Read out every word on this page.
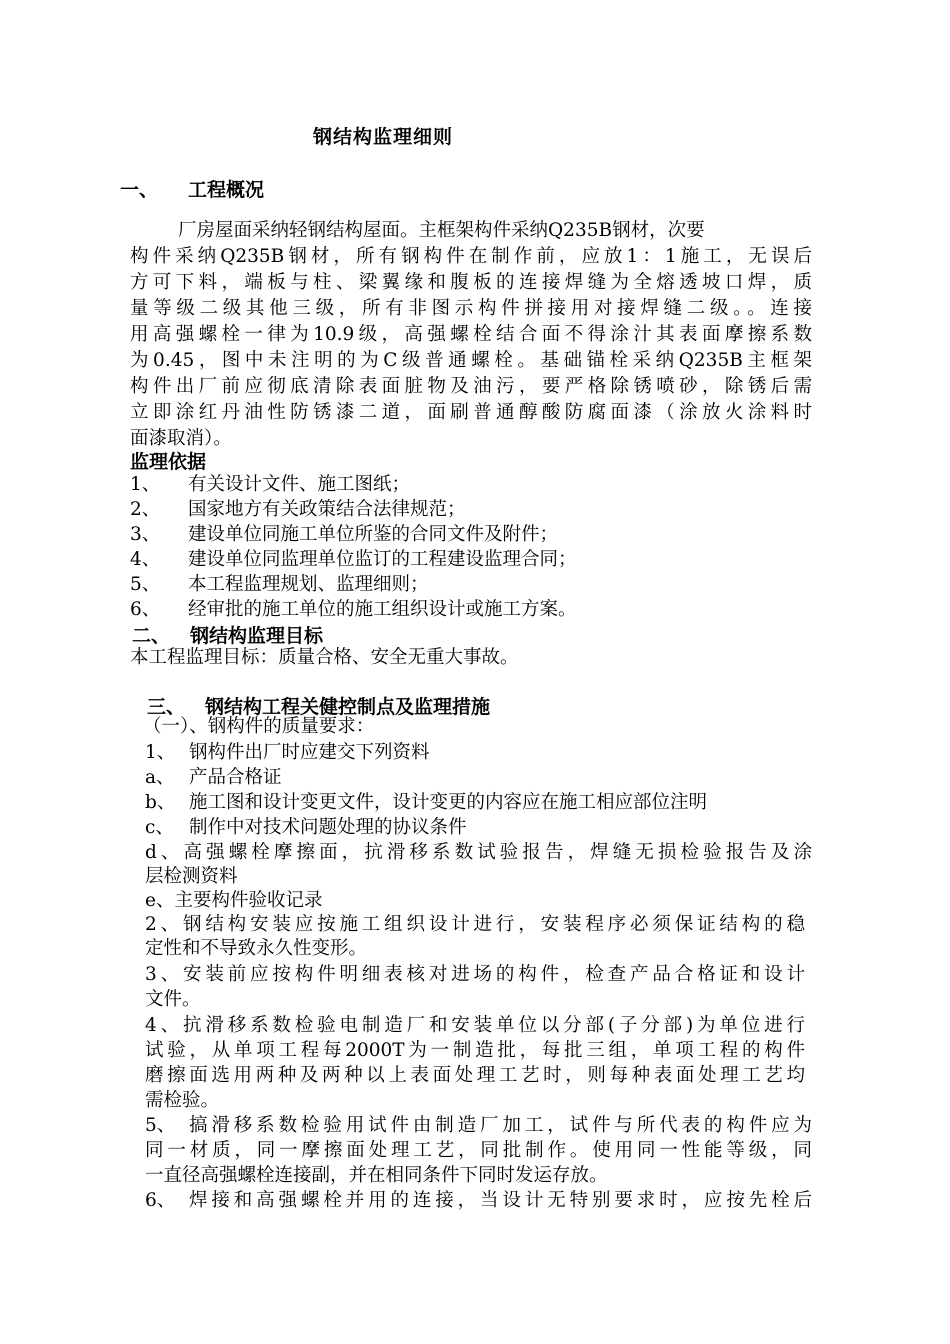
钢结构监理细则
一、 工程概况
厂房屋面采纳轻钢结构屋面。主框架构件采纳Q235B钢材，次要
构件采纳Q235B钢材，所有钢构件在制作前，应放1：1施工，无误后
方可下料，端板与柱、梁翼缘和腹板的连接焊缝为全熔透坡口焊，质
量等级二级其他三级，所有非图示构件拼接用对接焊缝二级。。连接
用高强螺栓一律为10.9级，高强螺栓结合面不得涂汁其表面摩擦系数
为0.45，图中未注明的为C级普通螺栓。基础锚栓采纳Q235B主框架
构件出厂前应彻底清除表面脏物及油污，要严格除锈喷砂，除锈后需
立即涂红丹油性防锈漆二道，面刷普通醇酸防腐面漆（涂放火涂料时
面漆取消）。
监理依据
1、 有关设计文件、施工图纸；
2、 国家地方有关政策结合法律规范；
3、 建设单位同施工单位所鉴的合同文件及附件；
4、 建设单位同监理单位监订的工程建设监理合同；
5、 本工程监理规划、监理细则；
6、 经审批的施工单位的施工组织设计或施工方案。
二、 钢结构监理目标
本工程监理目标：质量合格、安全无重大事故。
三、 钢结构工程关健控制点及监理措施
（一）、钢构件的质量要求：
1、 钢构件出厂时应建交下列资料
a、 产品合格证
b、 施工图和设计变更文件，设计变更的内容应在施工相应部位注明
c、 制作中对技术问题处理的协议条件
d、高强螺栓摩擦面，抗滑移系数试验报告，焊缝无损检验报告及涂
层检测资料
e、主要构件验收记录
2、钢结构安装应按施工组织设计进行，安装程序必须保证结构的稳
定性和不导致永久性变形。
3、安装前应按构件明细表核对进场的构件，检查产品合格证和设计
文件。
4、抗滑移系数检验电制造厂和安装单位以分部(子分部)为单位进行
试验，从单项工程每2000T为一制造批，每批三组，单项工程的构件
磨擦面选用两种及两种以上表面处理工艺时，则每种表面处理工艺均
需检验。
5、 搞滑移系数检验用试件由制造厂加工，试件与所代表的构件应为
同一材质，同一摩擦面处理工艺，同批制作。使用同一性能等级，同
一直径高强螺栓连接副，并在相同条件下同时发运存放。
6、 焊接和高强螺栓并用的连接，当设计无特别要求时，应按先栓后
